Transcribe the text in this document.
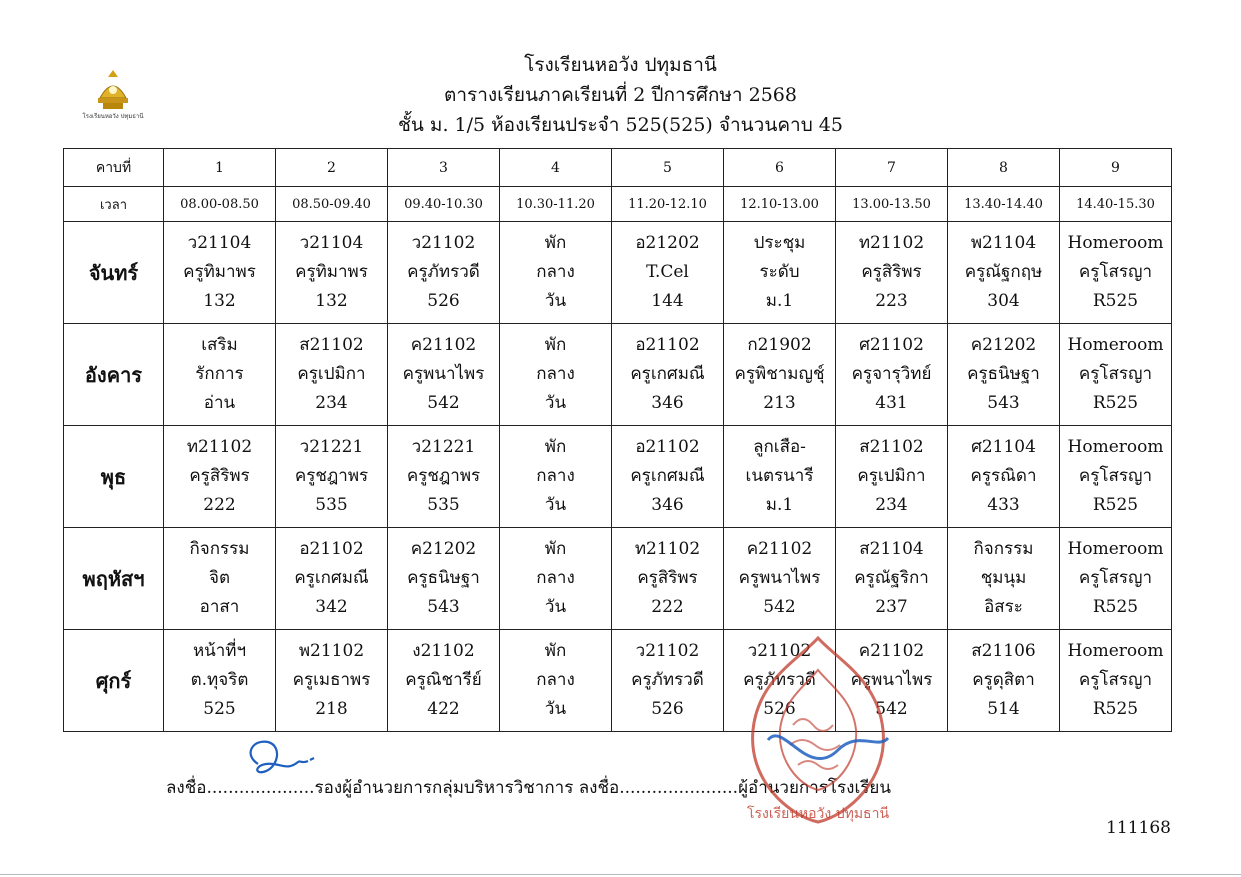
โรงเรียนหอวัง ปทุมธานี
ตารางเรียนภาคเรียนที่ 2 ปีการศึกษา 2568
ชั้น ม. 1/5 ห้องเรียนประจำ 525(525) จำนวนคาบ 45
โรงเรียนหอวัง ปทุมธานี
คาบที่	1	2	3	4	5	6	7	8	9
เวลา	08.00-08.50	08.50-09.40	09.40-10.30	10.30-11.20	11.20-12.10	12.10-13.00	13.00-13.50	13.40-14.40	14.40-15.30
จันทร์	ว21104
ครูทิมาพร
132	ว21104
ครูทิมาพร
132	ว21102
ครูภัทรวดี
526	พัก
กลาง
วัน	อ21202
T.Cel
144	ประชุม
ระดับ
ม.1	ท21102
ครูสิริพร
223	พ21104
ครูณัฐกฤษ
304	Homeroom
ครูโสรญา
R525

อังคาร	เสริม
รักการ
อ่าน	ส21102
ครูเปมิกา
234	ค21102
ครูพนาไพร
542	พัก
กลาง
วัน	อ21102
ครูเกศมณี
346	ก21902
ครูพิชามญชุ์
213	ศ21102
ครูจารุวิทย์
431	ค21202
ครูธนิษฐา
543	Homeroom
ครูโสรญา
R525

พุธ	ท21102
ครูสิริพร
222	ว21221
ครูชฎาพร
535	ว21221
ครูชฎาพร
535	พัก
กลาง
วัน	อ21102
ครูเกศมณี
346	ลูกเสือ-
เนตรนารี
ม.1	ส21102
ครูเปมิกา
234	ศ21104
ครูรณิดา
433	Homeroom
ครูโสรญา
R525

พฤหัสฯ	กิจกรรม
จิต
อาสา	อ21102
ครูเกศมณี
342	ค21202
ครูธนิษฐา
543	พัก
กลาง
วัน	ท21102
ครูสิริพร
222	ค21102
ครูพนาไพร
542	ส21104
ครูณัฐริกา
237	กิจกรรม
ชุมนุม
อิสระ	Homeroom
ครูโสรญา
R525

ศุกร์	หน้าที่ฯ
ต.ทุจริต
525	พ21102
ครูเมธาพร
218	ง21102
ครูณิชารีย์
422	พัก
กลาง
วัน	ว21102
ครูภัทรวดี
526	ว21102
ครูภัทรวดี
526	ค21102
ครูพนาไพร
542	ส21106
ครูดุสิตา
514	Homeroom
ครูโสรญา
R525
ลงชื่อ....................รองผู้อำนวยการกลุ่มบริหารวิชาการ ลงชื่อ......................ผู้อำนวยการโรงเรียน
โรงเรียนหอวัง ปทุมธานี
111168
